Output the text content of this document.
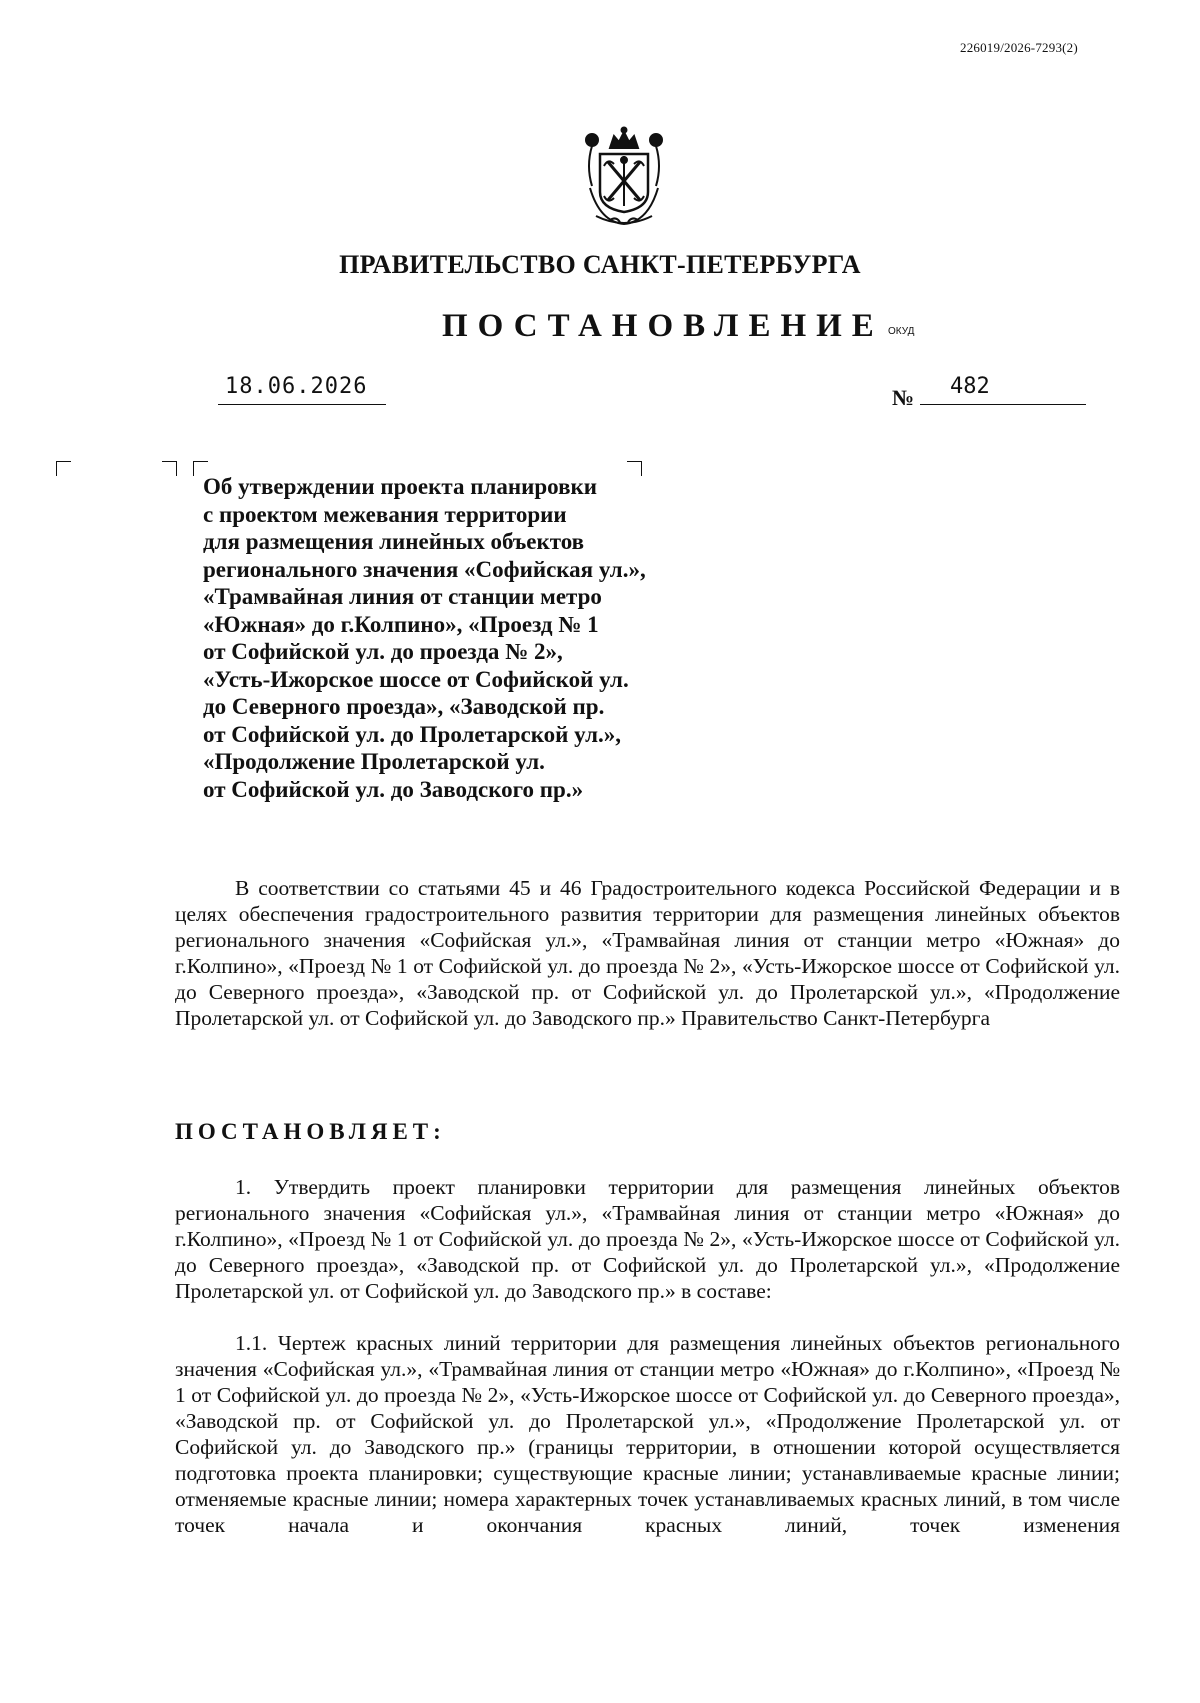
226019/2026-7293(2)
ПРАВИТЕЛЬСТВО САНКТ-ПЕТЕРБУРГА
ПОСТАНОВЛЕНИЕ ОКУД
18.06.2026	№ 482
Об утверждении проекта планировки
с проектом межевания территории
для размещения линейных объектов
регионального значения «Софийская ул.»,
«Трамвайная линия от станции метро
«Южная» до г.Колпино», «Проезд № 1
от Софийской ул. до проезда № 2»,
«Усть-Ижорское шоссе от Софийской ул.
до Северного проезда», «Заводской пр.
от Софийской ул. до Пролетарской ул.»,
«Продолжение Пролетарской ул.
от Софийской ул. до Заводского пр.»

В соответствии со статьями 45 и 46 Градостроительного кодекса Российской Федерации и в целях обеспечения градостроительного развития территории для размещения линейных объектов регионального значения «Софийская ул.», «Трамвайная линия от станции метро «Южная» до г.Колпино», «Проезд № 1 от Софийской ул. до проезда № 2», «Усть-Ижорское шоссе от Софийской ул. до Северного проезда», «Заводской пр. от Софийской ул. до Пролетарской ул.», «Продолжение Пролетарской ул. от Софийской ул. до Заводского пр.» Правительство Санкт-Петербурга

ПОСТАНОВЛЯЕТ:

1. Утвердить проект планировки территории для размещения линейных объектов регионального значения «Софийская ул.», «Трамвайная линия от станции метро «Южная» до г.Колпино», «Проезд № 1 от Софийской ул. до проезда № 2», «Усть-Ижорское шоссе от Софийской ул. до Северного проезда», «Заводской пр. от Софийской ул. до Пролетарской ул.», «Продолжение Пролетарской ул. от Софийской ул. до Заводского пр.» в составе:

1.1. Чертеж красных линий территории для размещения линейных объектов регионального значения «Софийская ул.», «Трамвайная линия от станции метро «Южная» до г.Колпино», «Проезд № 1 от Софийской ул. до проезда № 2», «Усть-Ижорское шоссе от Софийской ул. до Северного проезда», «Заводской пр. от Софийской ул. до Пролетарской ул.», «Продолжение Пролетарской ул. от Софийской ул. до Заводского пр.» (границы территории, в отношении которой осуществляется подготовка проекта планировки; существующие красные линии; устанавливаемые красные линии; отменяемые красные линии; номера характерных точек устанавливаемых красных линий, в том числе точек начала и окончания красных линий, точек изменения
